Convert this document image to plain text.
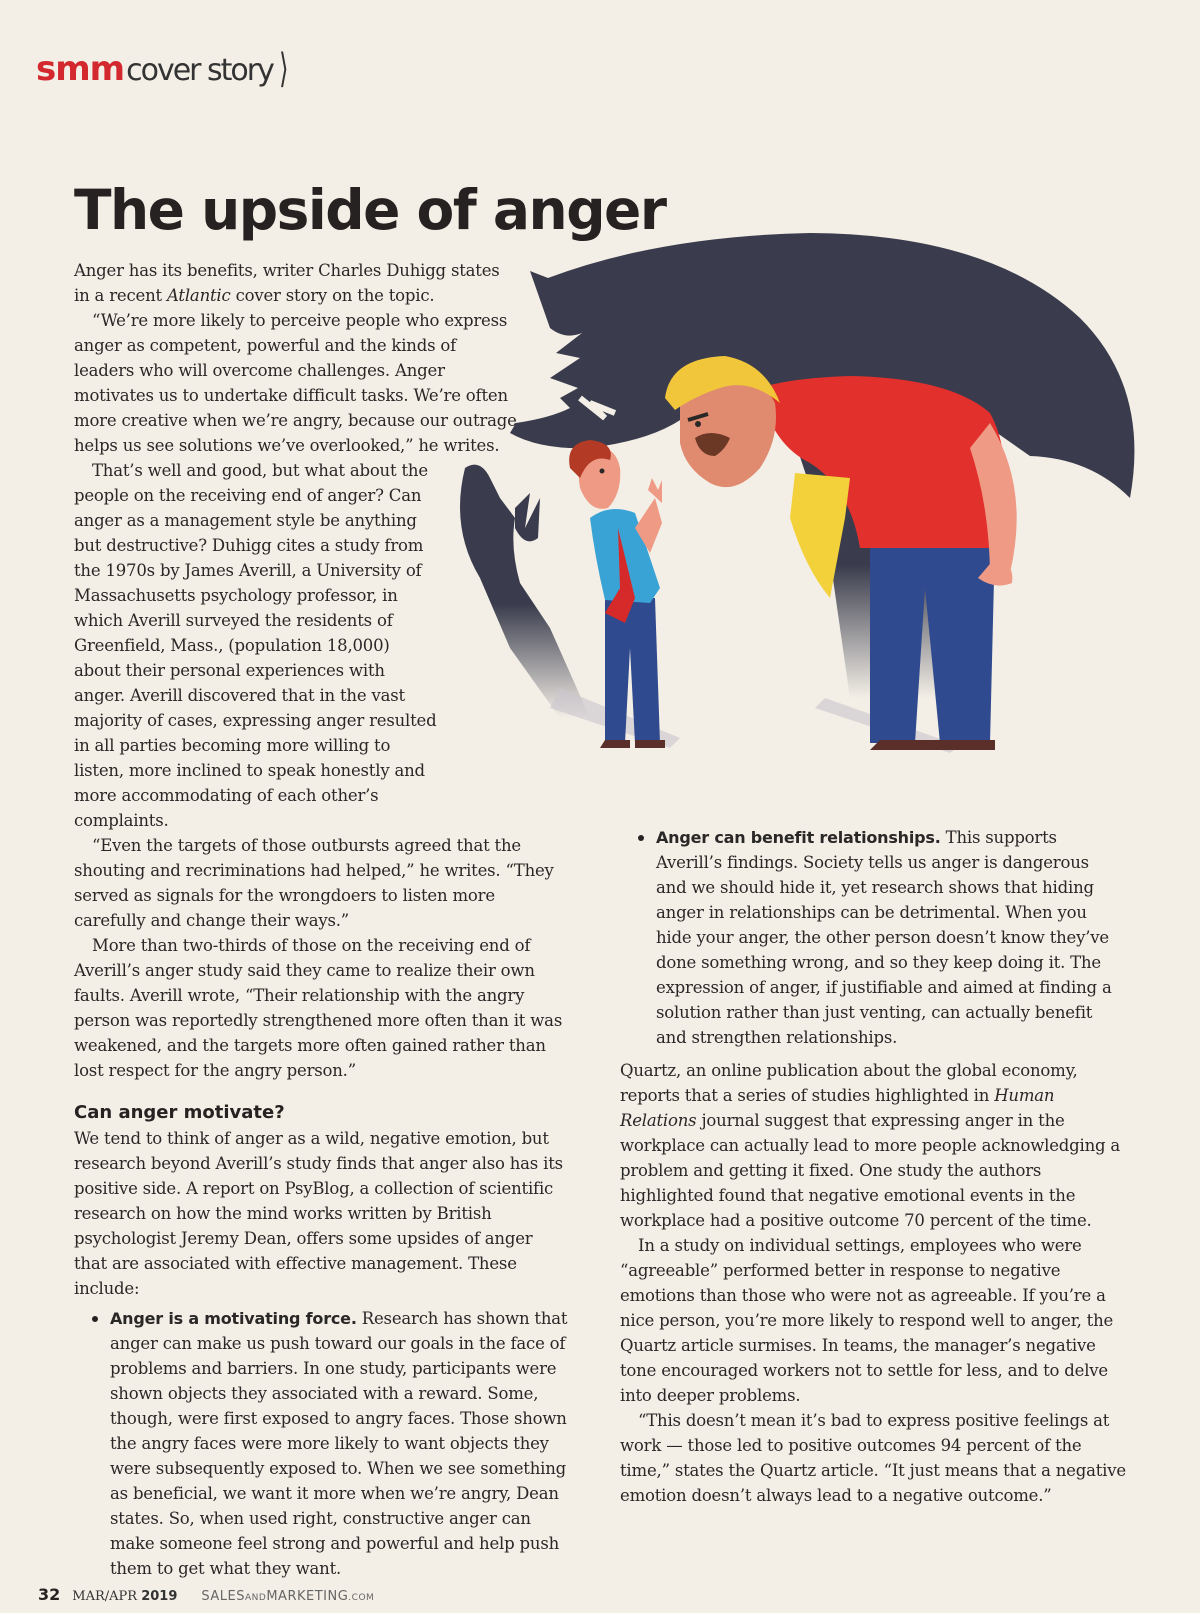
smm cover story ⟩
The upside of anger

Anger has its benefits, writer Charles Duhigg states in a recent Atlantic cover story on the topic.

“We’re more likely to perceive people who express anger as competent, powerful and the kinds of leaders who will overcome challenges. Anger motivates us to undertake difficult tasks. We’re often more creative when we’re angry, because our outrage helps us see solutions we’ve overlooked,” he writes.

That’s well and good, but what about the people on the receiving end of anger? Can anger as a management style be anything but destructive? Duhigg cites a study from the 1970s by James Averill, a University of Massachusetts psychology professor, in which Averill surveyed the residents of Greenfield, Mass., (population 18,000) about their personal experiences with anger. Averill discovered that in the vast majority of cases, expressing anger resulted in all parties becoming more willing to listen, more inclined to speak honestly and more accommodating of each other’s complaints.

“Even the targets of those outbursts agreed that the shouting and recriminations had helped,” he writes. “They served as signals for the wrongdoers to listen more carefully and change their ways.”

More than two-thirds of those on the receiving end of Averill’s anger study said they came to realize their own faults. Averill wrote, “Their relationship with the angry person was reportedly strengthened more often than it was weakened, and the targets more often gained rather than lost respect for the angry person.”

Can anger motivate?

We tend to think of anger as a wild, negative emotion, but research beyond Averill’s study finds that anger also has its positive side. A report on PsyBlog, a collection of scientific research on how the mind works written by British psychologist Jeremy Dean, offers some upsides of anger that are associated with effective management. These include:

Anger is a motivating force. Research has shown that anger can make us push toward our goals in the face of problems and barriers. In one study, participants were shown objects they associated with a reward. Some, though, were first exposed to angry faces. Those shown the angry faces were more likely to want objects they were subsequently exposed to. When we see something as beneficial, we want it more when we’re angry, Dean states. So, when used right, constructive anger can make someone feel strong and powerful and help push them to get what they want.
Anger can benefit relationships. This supports Averill’s findings. Society tells us anger is dangerous and we should hide it, yet research shows that hiding anger in relationships can be detrimental. When you hide your anger, the other person doesn’t know they’ve done something wrong, and so they keep doing it. The expression of anger, if justifiable and aimed at finding a solution rather than just venting, can actually benefit and strengthen relationships.

Quartz, an online publication about the global economy, reports that a series of studies highlighted in Human Relations journal suggest that expressing anger in the workplace can actually lead to more people acknowledging a problem and getting it fixed. One study the authors highlighted found that negative emotional events in the workplace had a positive outcome 70 percent of the time.

In a study on individual settings, employees who were “agreeable” performed better in response to negative emotions than those who were not as agreeable. If you’re a nice person, you’re more likely to respond well to anger, the Quartz article surmises. In teams, the manager’s negative tone encouraged workers not to settle for less, and to delve into deeper problems.

“This doesn’t mean it’s bad to express positive feelings at work — those led to positive outcomes 94 percent of the time,” states the Quartz article. “It just means that a negative emotion doesn’t always lead to a negative outcome.”

32 MAR/APR 2019 SALESANDMARKETING.COM
